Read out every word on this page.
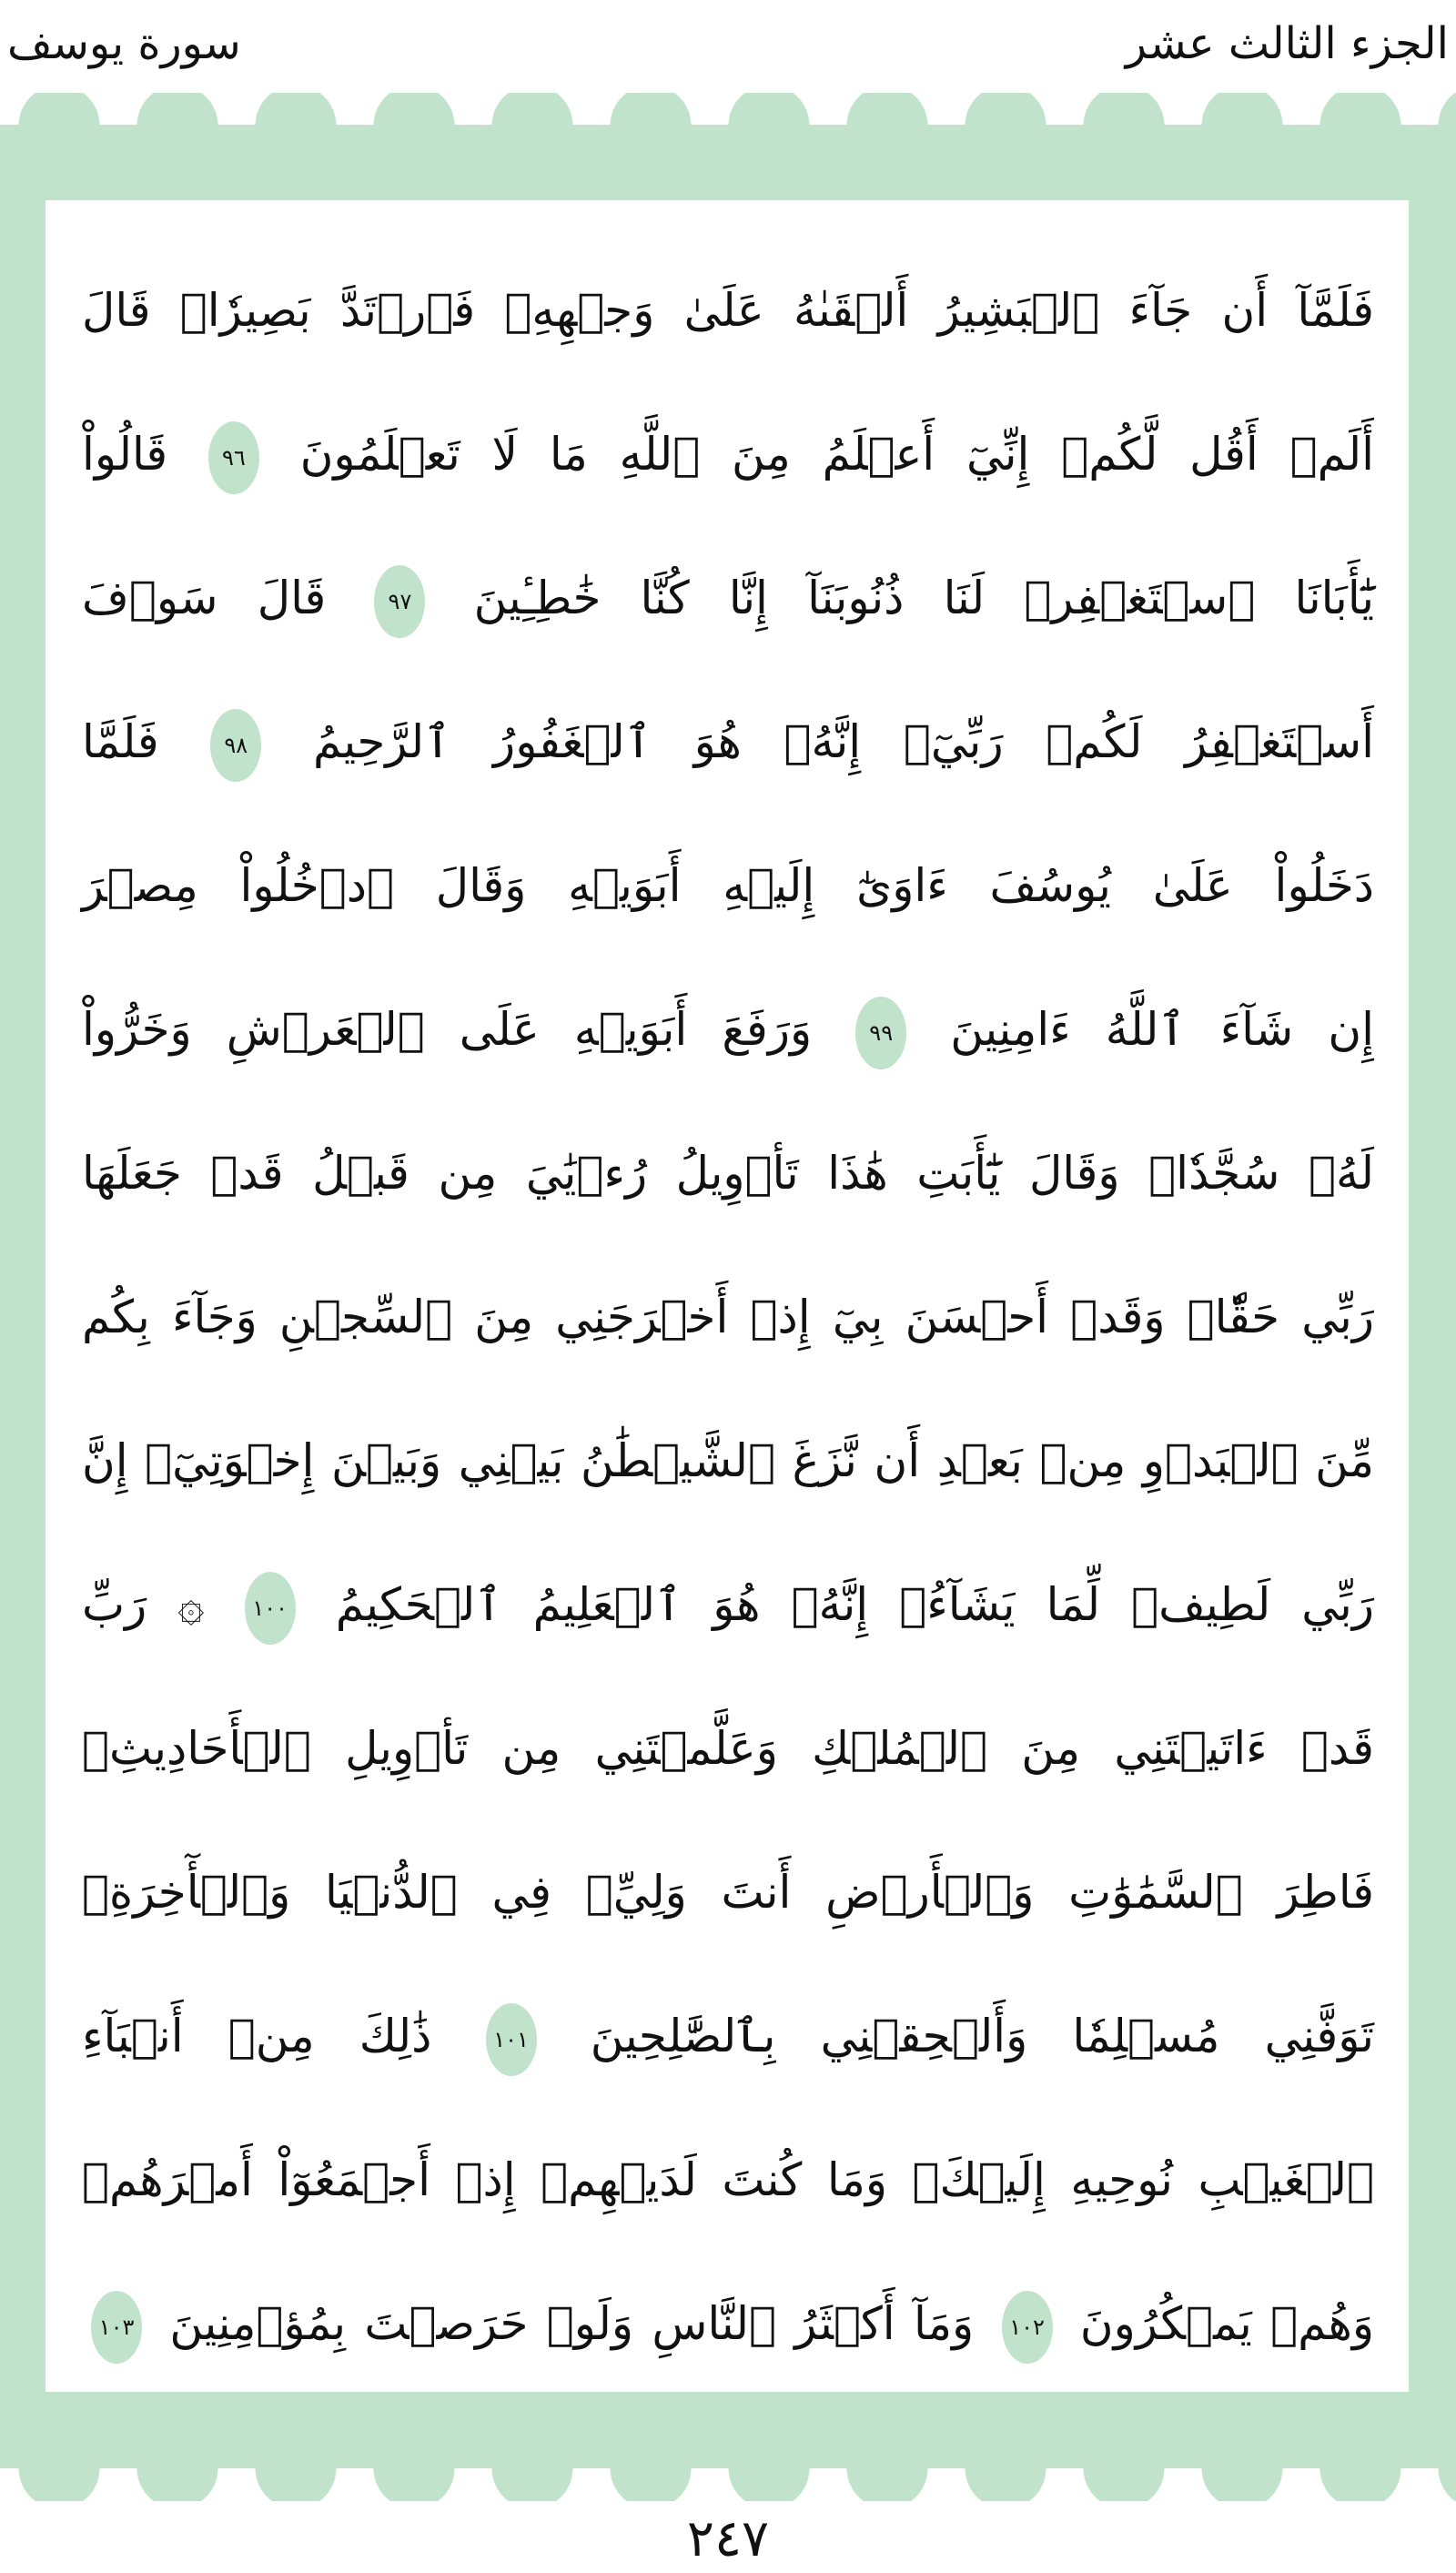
الجزء الثالث عشر
سورة يوسف
فَلَمَّآ أَن جَآءَ ٱلۡبَشِيرُ أَلۡقَىٰهُ عَلَىٰ وَجۡهِهِۦ فَٱرۡتَدَّ بَصِيرٗاۖ قَالَ
أَلَمۡ أَقُل لَّكُمۡ إِنِّيٓ أَعۡلَمُ مِنَ ٱللَّهِ مَا لَا تَعۡلَمُونَ ٩٦ قَالُواْ
يَٰٓأَبَانَا ٱسۡتَغۡفِرۡ لَنَا ذُنُوبَنَآ إِنَّا كُنَّا خَٰطِـِٔينَ ٩٧ قَالَ سَوۡفَ
أَسۡتَغۡفِرُ لَكُمۡ رَبِّيٓۖ إِنَّهُۥ هُوَ ٱلۡغَفُورُ ٱلرَّحِيمُ ٩٨ فَلَمَّا
دَخَلُواْ عَلَىٰ يُوسُفَ ءَاوَىٰٓ إِلَيۡهِ أَبَوَيۡهِ وَقَالَ ٱدۡخُلُواْ مِصۡرَ
إِن شَآءَ ٱللَّهُ ءَامِنِينَ ٩٩ وَرَفَعَ أَبَوَيۡهِ عَلَى ٱلۡعَرۡشِ وَخَرُّواْ
لَهُۥ سُجَّدٗاۖ وَقَالَ يَٰٓأَبَتِ هَٰذَا تَأۡوِيلُ رُءۡيَٰيَ مِن قَبۡلُ قَدۡ جَعَلَهَا
رَبِّي حَقّٗاۖ وَقَدۡ أَحۡسَنَ بِيٓ إِذۡ أَخۡرَجَنِي مِنَ ٱلسِّجۡنِ وَجَآءَ بِكُم
مِّنَ ٱلۡبَدۡوِ مِنۢ بَعۡدِ أَن نَّزَغَ ٱلشَّيۡطَٰنُ بَيۡنِي وَبَيۡنَ إِخۡوَتِيٓۚ إِنَّ
رَبِّي لَطِيفٞ لِّمَا يَشَآءُۚ إِنَّهُۥ هُوَ ٱلۡعَلِيمُ ٱلۡحَكِيمُ ١٠٠ ۞ رَبِّ
قَدۡ ءَاتَيۡتَنِي مِنَ ٱلۡمُلۡكِ وَعَلَّمۡتَنِي مِن تَأۡوِيلِ ٱلۡأَحَادِيثِۚ
فَاطِرَ ٱلسَّمَٰوَٰتِ وَٱلۡأَرۡضِ أَنتَ وَلِيِّۦ فِي ٱلدُّنۡيَا وَٱلۡأٓخِرَةِۖ
تَوَفَّنِي مُسۡلِمٗا وَأَلۡحِقۡنِي بِٱلصَّٰلِحِينَ ١٠١ ذَٰلِكَ مِنۡ أَنۢبَآءِ
ٱلۡغَيۡبِ نُوحِيهِ إِلَيۡكَۖ وَمَا كُنتَ لَدَيۡهِمۡ إِذۡ أَجۡمَعُوٓاْ أَمۡرَهُمۡ
وَهُمۡ يَمۡكُرُونَ ١٠٢ وَمَآ أَكۡثَرُ ٱلنَّاسِ وَلَوۡ حَرَصۡتَ بِمُؤۡمِنِينَ ١٠٣
٢٤٧
